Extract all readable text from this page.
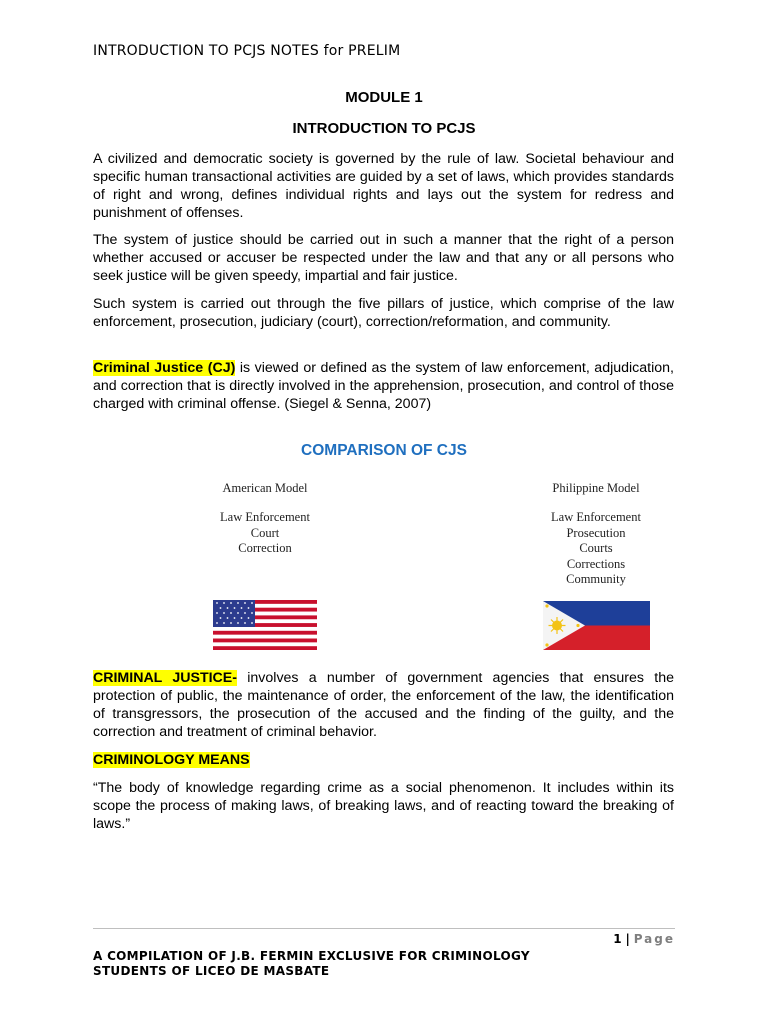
INTRODUCTION TO PCJS NOTES for PRELIM
MODULE 1
INTRODUCTION TO PCJS
A civilized and democratic society is governed by the rule of law. Societal behaviour and specific human transactional activities are guided by a set of laws, which provides standards of right and wrong, defines individual rights and lays out the system for redress and punishment of offenses.
The system of justice should be carried out in such a manner that the right of a person whether accused or accuser be respected under the law and that any or all persons who seek justice will be given speedy, impartial and fair justice.
Such system is carried out through the five pillars of justice, which comprise of the law enforcement, prosecution, judiciary (court), correction/reformation, and community.
Criminal Justice (CJ) is viewed or defined as the system of law enforcement, adjudication, and correction that is directly involved in the apprehension, prosecution, and control of those charged with criminal offense. (Siegel & Senna, 2007)
COMPARISON OF CJS
American Model
Law Enforcement
Court
Correction
Philippine Model
Law Enforcement
Prosecution
Courts
Corrections
Community
CRIMINAL JUSTICE- involves a number of government agencies that ensures the protection of public, the maintenance of order, the enforcement of the law, the identification of transgressors, the prosecution of the accused and the finding of the guilty, and the correction and treatment of criminal behavior.
CRIMINOLOGY MEANS
“The body of knowledge regarding crime as a social phenomenon. It includes within its scope the process of making laws, of breaking laws, and of reacting toward the breaking of laws.”
1 | Page
A COMPILATION OF J.B. FERMIN EXCLUSIVE FOR CRIMINOLOGY
STUDENTS OF LICEO DE MASBATE
